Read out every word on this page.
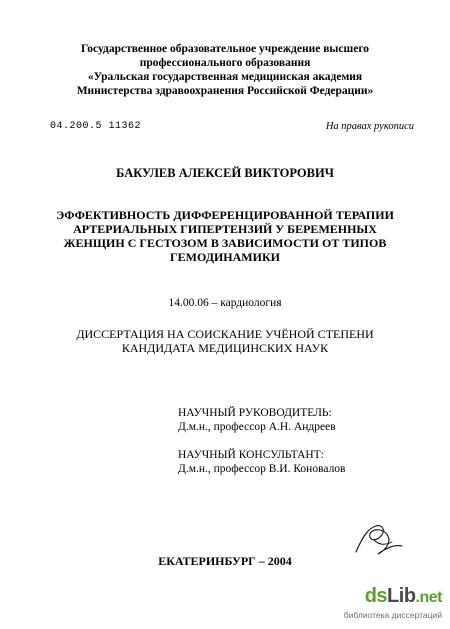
Государственное образовательное учреждение высшего
профессионального образования
«Уральская государственная медицинская академия
Министерства здравоохранения Российской Федерации»
04.200.5 11362	На правах рукописи
БАКУЛЕВ АЛЕКСЕЙ ВИКТОРОВИЧ
ЭФФЕКТИВНОСТЬ ДИФФЕРЕНЦИРОВАННОЙ ТЕРАПИИ
АРТЕРИАЛЬНЫХ ГИПЕРТЕНЗИЙ У БЕРЕМЕННЫХ
ЖЕНЩИН С ГЕСТОЗОМ В ЗАВИСИМОСТИ ОТ ТИПОВ
ГЕМОДИНАМИКИ
14.00.06 – кардиология
ДИССЕРТАЦИЯ НА СОИСКАНИЕ УЧЁНОЙ СТЕПЕНИ
КАНДИДАТА МЕДИЦИНСКИХ НАУК
НАУЧНЫЙ РУКОВОДИТЕЛЬ:
Д.м.н., профессор А.Н. Андреев
НАУЧНЫЙ КОНСУЛЬТАНТ:
Д.м.н., профессор В.И. Коновалов
ЕКАТЕРИНБУРГ – 2004
dsLib.net
библиотека диссертаций
